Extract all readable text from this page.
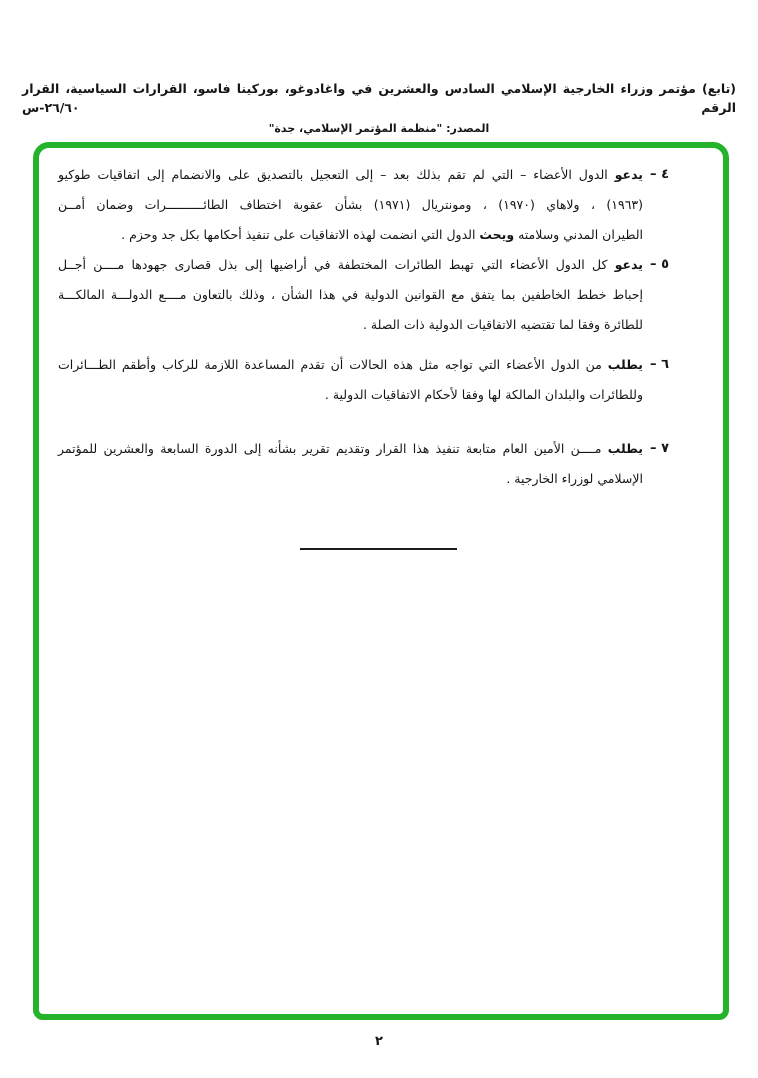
(تابع) مؤتمر وزراء الخارجية الإسلامي السادس والعشرين في واغادوغو، بوركينا فاسو، القرارات السياسية، القرار الرقم ٢٦/٦٠-س
المصدر: "منظمة المؤتمر الإسلامي، جدة"
٤ –
يدعو الدول الأعضاء – التي لم تقم بذلك بعد – إلى التعجيل بالتصديق على والانضمام إلى اتفاقيات طوكيو
(١٩٦٣) ، ولاهاي (١٩٧٠) ، ومونتريال (١٩٧١) بشأن عقوبة اختطاف الطائــــــــــرات وضمان أمــن
الطيران المدني وسلامته ويحث الدول التي انضمت لهذه الاتفاقيات على تنفيذ أحكامها بكل جد وحزم .
٥ –
يدعو كل الدول الأعضاء التي تهبط الطائرات المختطفة في أراضيها إلى بذل قصارى جهودها مــــن أجــل
إحباط خطط الخاطفين بما يتفق مع القوانين الدولية في هذا الشأن ، وذلك بالتعاون مــــع الدولـــة المالكـــة
للطائرة وفقا لما تقتضيه الاتفاقيات الدولية ذات الصلة .
٦ –
يطلب من الدول الأعضاء التي تواجه مثل هذه الحالات أن تقدم المساعدة اللازمة للركاب وأطقم الطـــائرات
وللطائرات والبلدان المالكة لها وفقا لأحكام الاتفاقيات الدولية .
٧ –
يطلب مــــن الأمين العام متابعة تنفيذ هذا القرار وتقديم تقرير بشأنه إلى الدورة السابعة والعشرين للمؤتمر
الإسلامي لوزراء الخارجية .
٢
